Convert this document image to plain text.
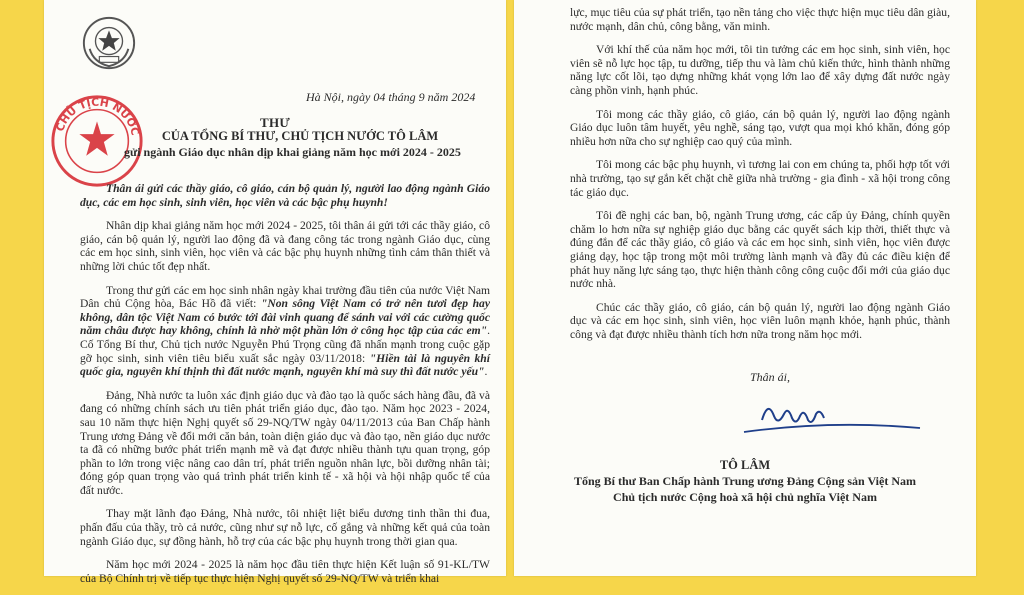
CHỦ TỊCH NƯỚC
Hà Nội, ngày 04 tháng 9 năm 2024
THƯ
CỦA TỔNG BÍ THƯ, CHỦ TỊCH NƯỚC TÔ LÂM
gửi ngành Giáo dục nhân dịp khai giảng năm học mới 2024 - 2025

Thân ái gửi các thầy giáo, cô giáo, cán bộ quản lý, người lao động ngành Giáo dục, các em học sinh, sinh viên, học viên và các bậc phụ huynh!

Nhân dịp khai giảng năm học mới 2024 - 2025, tôi thân ái gửi tới các thầy giáo, cô giáo, cán bộ quản lý, người lao động đã và đang công tác trong ngành Giáo dục, cùng các em học sinh, sinh viên, học viên và các bậc phụ huynh những tình cảm thân thiết và những lời chúc tốt đẹp nhất.

Trong thư gửi các em học sinh nhân ngày khai trường đầu tiên của nước Việt Nam Dân chủ Cộng hòa, Bác Hồ đã viết: "Non sông Việt Nam có trở nên tươi đẹp hay không, dân tộc Việt Nam có bước tới đài vinh quang để sánh vai với các cường quốc năm châu được hay không, chính là nhờ một phần lớn ở công học tập của các em". Cố Tổng Bí thư, Chủ tịch nước Nguyễn Phú Trọng cũng đã nhấn mạnh trong cuộc gặp gỡ học sinh, sinh viên tiêu biểu xuất sắc ngày 03/11/2018: "Hiền tài là nguyên khí quốc gia, nguyên khí thịnh thì đất nước mạnh, nguyên khí mà suy thì đất nước yếu".

Đảng, Nhà nước ta luôn xác định giáo dục và đào tạo là quốc sách hàng đầu, đã và đang có những chính sách ưu tiên phát triển giáo dục, đào tạo. Năm học 2023 - 2024, sau 10 năm thực hiện Nghị quyết số 29-NQ/TW ngày 04/11/2013 của Ban Chấp hành Trung ương Đảng về đổi mới căn bản, toàn diện giáo dục và đào tạo, nền giáo dục nước ta đã có những bước phát triển mạnh mẽ và đạt được nhiều thành tựu quan trọng, góp phần to lớn trong việc nâng cao dân trí, phát triển nguồn nhân lực, bồi dưỡng nhân tài; đóng góp quan trọng vào quá trình phát triển kinh tế - xã hội và hội nhập quốc tế của đất nước.

Thay mặt lãnh đạo Đảng, Nhà nước, tôi nhiệt liệt biểu dương tinh thần thi đua, phấn đấu của thầy, trò cả nước, cũng như sự nỗ lực, cố gắng và những kết quả của toàn ngành Giáo dục, sự đồng hành, hỗ trợ của các bậc phụ huynh trong thời gian qua.

Năm học mới 2024 - 2025 là năm học đầu tiên thực hiện Kết luận số 91-KL/TW của Bộ Chính trị về tiếp tục thực hiện Nghị quyết số 29-NQ/TW và triển khai

lực, mục tiêu của sự phát triển, tạo nền tảng cho việc thực hiện mục tiêu dân giàu, nước mạnh, dân chủ, công bằng, văn minh.

Với khí thế của năm học mới, tôi tin tưởng các em học sinh, sinh viên, học viên sẽ nỗ lực học tập, tu dưỡng, tiếp thu và làm chủ kiến thức, hình thành những năng lực cốt lõi, tạo dựng những khát vọng lớn lao để xây dựng đất nước ngày càng phồn vinh, hạnh phúc.

Tôi mong các thầy giáo, cô giáo, cán bộ quản lý, người lao động ngành Giáo dục luôn tâm huyết, yêu nghề, sáng tạo, vượt qua mọi khó khăn, đóng góp nhiều hơn nữa cho sự nghiệp cao quý của mình.

Tôi mong các bậc phụ huynh, vì tương lai con em chúng ta, phối hợp tốt với nhà trường, tạo sự gắn kết chặt chẽ giữa nhà trường - gia đình - xã hội trong công tác giáo dục.

Tôi đề nghị các ban, bộ, ngành Trung ương, các cấp ủy Đảng, chính quyền chăm lo hơn nữa sự nghiệp giáo dục bằng các quyết sách kịp thời, thiết thực và đúng đắn để các thầy giáo, cô giáo và các em học sinh, sinh viên, học viên được giảng dạy, học tập trong một môi trường lành mạnh và đầy đủ các điều kiện để phát huy năng lực sáng tạo, thực hiện thành công công cuộc đổi mới của giáo dục nước nhà.

Chúc các thầy giáo, cô giáo, cán bộ quản lý, người lao động ngành Giáo dục và các em học sinh, sinh viên, học viên luôn mạnh khỏe, hạnh phúc, thành công và đạt được nhiều thành tích hơn nữa trong năm học mới.

Thân ái,
TÔ LÂM
Tổng Bí thư Ban Chấp hành Trung ương Đảng Cộng sản Việt Nam
Chủ tịch nước Cộng hoà xã hội chủ nghĩa Việt Nam
